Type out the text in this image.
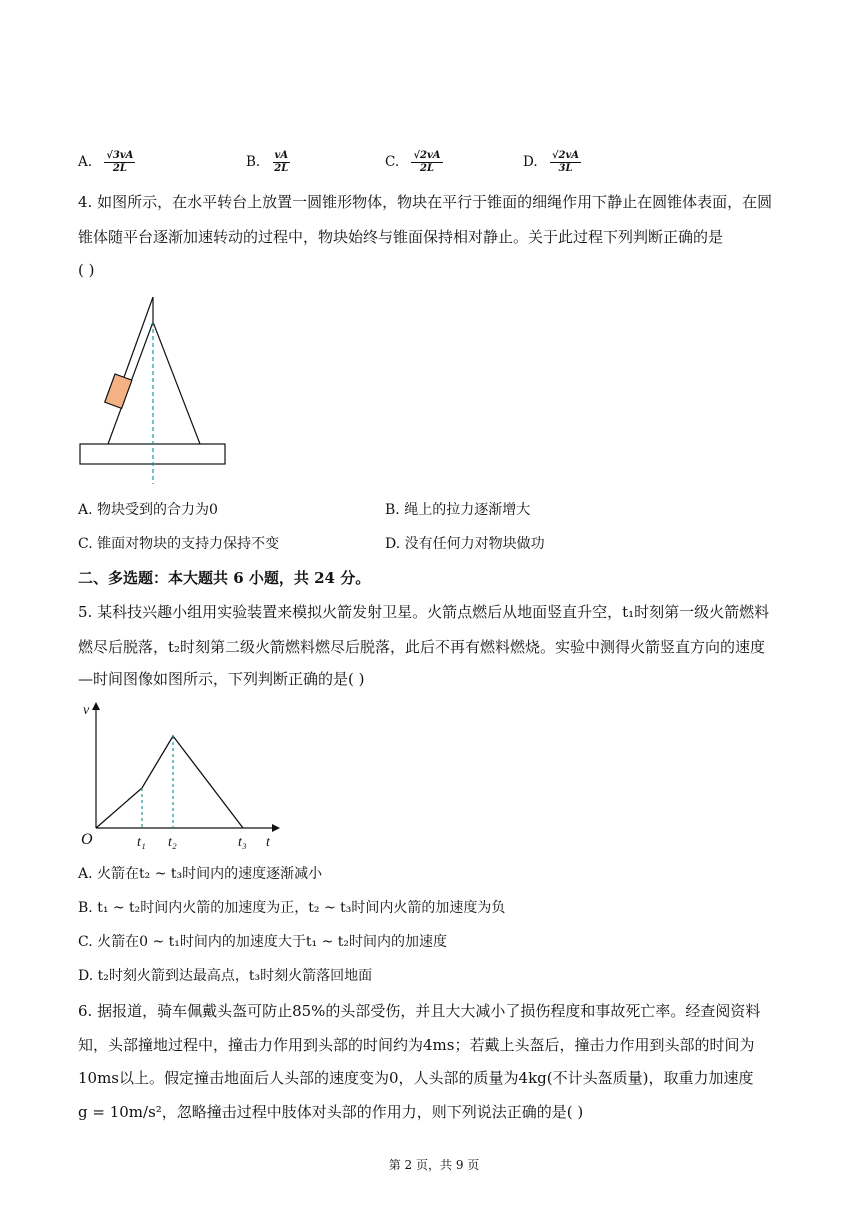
A. $\frac{√3vA}{2L}$	B. $\frac{vA}{2L}$	C. $\frac{√2vA}{2L}$	D. $\frac{√2vA}{3L}$
4. 如图所示，在水平转台上放置一圆锥形物体，物块在平行于锥面的细绳作用下静止在圆锥体表面，在圆
锥体随平台逐渐加速转动的过程中，物块始终与锥面保持相对静止。关于此过程下列判断正确的是
( )
A. 物块受到的合力为0	B. 绳上的拉力逐渐增大
C. 锥面对物块的支持力保持不变	D. 没有任何力对物块做功
二、多选题：本大题共 6 小题，共 24 分。
5. 某科技兴趣小组用实验装置来模拟火箭发射卫星。火箭点燃后从地面竖直升空，t₁时刻第一级火箭燃料
燃尽后脱落，t₂时刻第二级火箭燃料燃尽后脱落，此后不再有燃料燃烧。实验中测得火箭竖直方向的速度
—时间图像如图所示，下列判断正确的是( )
v
t
O	t₁ t₂	t₃
A. 火箭在t₂ ~ t₃时间内的速度逐渐减小
B. t₁ ~ t₂时间内火箭的加速度为正，t₂ ~ t₃时间内火箭的加速度为负
C. 火箭在0 ~ t₁时间内的加速度大于t₁ ~ t₂时间内的加速度
D. t₂时刻火箭到达最高点，t₃时刻火箭落回地面
6. 据报道，骑车佩戴头盔可防止85%的头部受伤，并且大大减小了损伤程度和事故死亡率。经查阅资料
知，头部撞地过程中，撞击力作用到头部的时间约为4ms；若戴上头盔后，撞击力作用到头部的时间为
10ms以上。假定撞击地面后人头部的速度变为0，人头部的质量为4kg(不计头盔质量)，取重力加速度
g = 10m/s²，忽略撞击过程中肢体对头部的作用力，则下列说法正确的是( )
第 2 页，共 9 页
